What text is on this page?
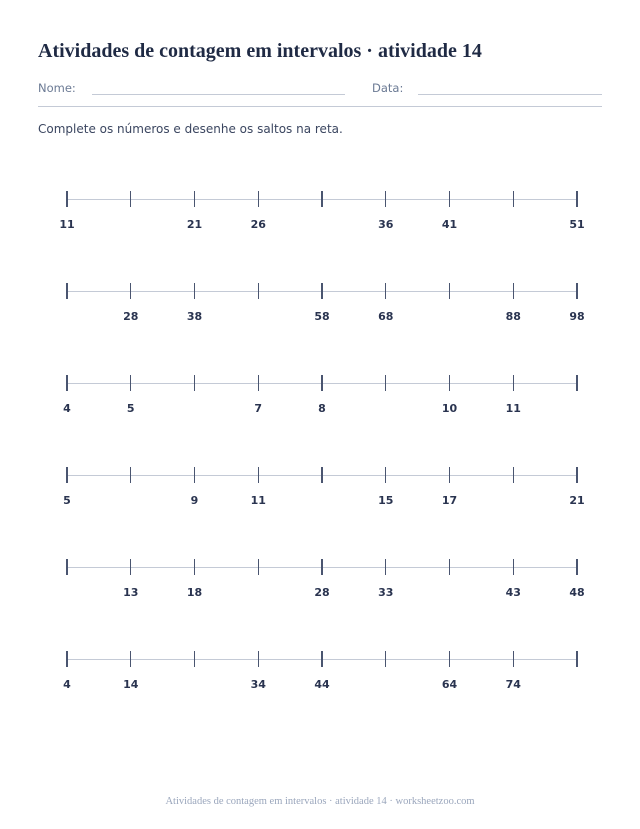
Atividades de contagem em intervalos · atividade 14
Nome:	Data:

Complete os números e desenhe os saltos na reta.

11	21	26	36	41	51
28	38	58	68	88	98
4	5	7	8	10	11
5	9	11	15	17	21
13	18	28	33	43	48
4	14	34	44	64	74
Atividades de contagem em intervalos · atividade 14 · worksheetzoo.com
